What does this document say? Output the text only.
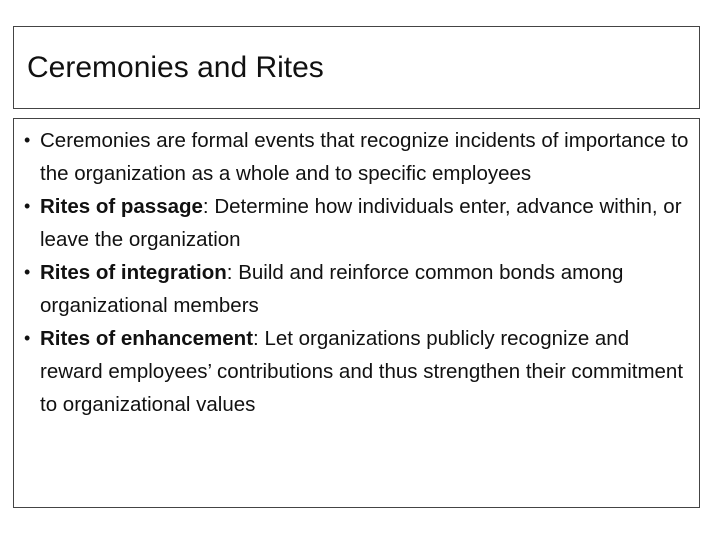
Ceremonies and Rites
• Ceremonies are formal events that recognize incidents of importance to the organization as a whole and to specific employees
• Rites of passage: Determine how individuals enter, advance within, or leave the organization
• Rites of integration: Build and reinforce common bonds among organizational members
• Rites of enhancement: Let organizations publicly recognize and reward employees’ contributions and thus strengthen their commitment to organizational values
